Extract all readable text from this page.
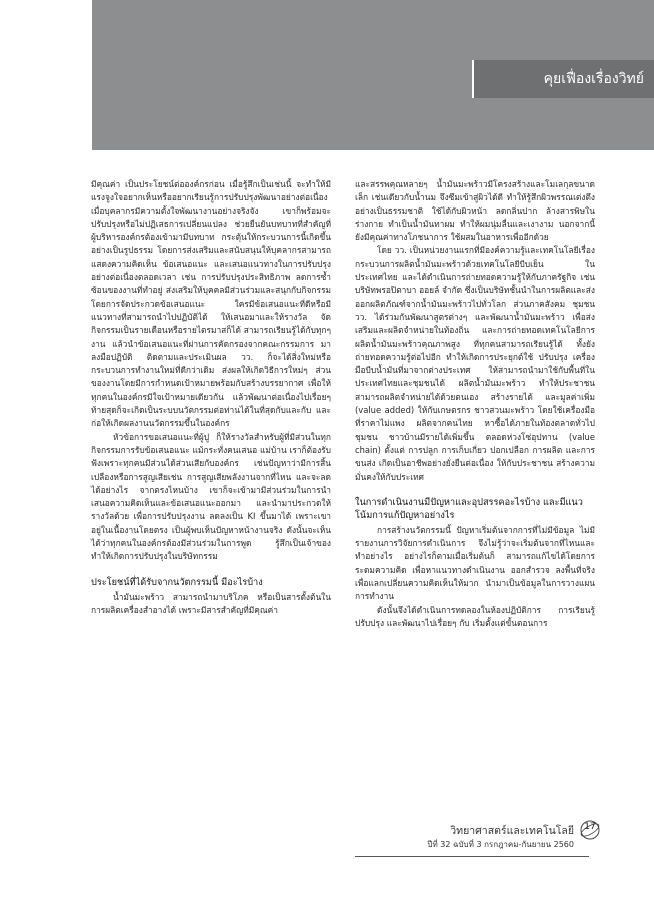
คุยเฟื่องเรื่องวิทย์

มีคุณค่า เป็นประโยชน์ต่อองค์กรก่อน เมื่อรู้สึกเป็นเช่นนี้ จะทำให้มีแรงจูงใจอยากเห็นหรืออยากเรียนรู้การปรับปรุงพัฒนาอย่างต่อเนื่อง เมื่อบุคลากรมีความตั้งใจพัฒนางานอย่างจริงจัง เขาก็พร้อมจะปรับปรุงหรือไม่ปฏิเสธการเปลี่ยนแปลง ช่วยยืนยันบทบาทที่สำคัญที่ผู้บริหารองค์กรต้องเข้ามามีบทบาท กระตุ้นให้กระบวนการนี้เกิดขึ้นอย่างเป็นรูปธรรม โดยการส่งเสริมและสนับสนุนให้บุคลากรสามารถแสดงความคิดเห็น ข้อเสนอแนะ และเสนอแนวทางในการปรับปรุงอย่างต่อเนื่องตลอดเวลา เช่น การปรับปรุงประสิทธิภาพ ลดการซ้ำซ้อนของงานที่ทำอยู่ ส่งเสริมให้บุคคลมีส่วนร่วมและสนุกกับกิจกรรม โดยการจัดประกวดข้อเสนอแนะ ใครมีข้อเสนอแนะที่ดีหรือมีแนวทางที่สามารถนำไปปฏิบัติได้ ให้เสนอมาและให้รางวัล จัดกิจกรรมเป็นรายเดือนหรือรายไตรมาสก็ได้ สามารถเรียนรู้ได้กับทุกๆ งาน แล้วนำข้อเสนอแนะที่ผ่านการคัดกรองจากคณะกรรมการ มาลงมือปฏิบัติ ติดตามและประเมินผล วว. ก็จะได้สิ่งใหม่หรือกระบวนการทำงานใหม่ที่ดีกว่าเดิม ส่งผลให้เกิดวิธีการใหม่ๆ ส่วนของงานโดยมีการกำหนดเป้าหมายพร้อมกับสร้างบรรยากาศ เพื่อให้ทุกคนในองค์กรมีใจเป้าหมายเดียวกัน แล้วพัฒนาต่อเนื่องไปเรื่อยๆ ท้ายสุดก็จะเกิดเป็นระบบนวัตกรรมต่อท่านได้ในที่สุดกับและกับ และก่อให้เกิดผลงานนวัตกรรมขึ้นในองค์กร

หัวข้อการขอเสนอแนะที่ผู้ปู ก็ให้รางวัลสำหรับผู้ที่มีส่วนในทุกกิจกรรมการรับข้อเสนอแนะ แม้กระทั่งคนเสนอ แม่บ้าน เราก็ต้องรับฟังเพราะทุกคนมีส่วนได้ส่วนเสียกับองค์กร เช่นปัญหาว่ามีการสิ้นเปลืองหรือการสูญเสียเช่น การสูญเสียพลังงานจากที่ไหน และจะลดได้อย่างไร จากตรงไหนบ้าง เขาก็จะเข้ามามีส่วนร่วมในการนำเสนอความคิดเห็นและข้อเสนอแนะออกมา และนำมาประกวดให้รางวัลด้วย เพื่อการปรับปรุงงาน ลดลงเป็น KI ขึ้นมาได้ เพราะเขาอยู่ในเนื้องานโดยตรง เป็นผู้พบเห็นปัญหาหน้างานจริง ดังนั้นจะเห็นได้ว่าทุกคนในองค์กรต้องมีส่วนร่วมในการพูด รู้สึกเป็นเจ้าของ ทำให้เกิดการปรับปรุงในบริษัทกรรม

ประโยชน์ที่ได้รับจากนวัตกรรมนี้ มีอะไรบ้าง

น้ำมันมะพร้าว สามารถนำมาบริโภค หรือเป็นสารตั้งต้นในการผลิตเครื่องสำอางได้ เพราะมีสารสำคัญที่มีคุณค่า

และสรรพคุณหลายๆ น้ำมันมะพร้าวมีโครงสร้างและโมเลกุลขนาดเล็ก เช่นเดียวกับน้ำนม จึงซึมเข้าสู่ผิวได้ดี ทำให้รู้สึกผิวพรรณเต่งตึงอย่างเป็นธรรมชาติ ใช้ได้กับผิวหน้า ลดกลิ่นปาก ล้างสารพิษในร่างกาย ทำเป็นน้ำมันทาผม ทำให้ผมนุ่มลื่นและเงางาม นอกจากนี้ยังมีคุณค่าทางโภชนาการ ใช้ผสมในอาหารเพื่ออีกด้วย

โดย วว. เป็นหน่วยงานแรกที่มีองค์ความรู้และเทคโนโลยีเรื่อง กระบวนการผลิตน้ำมันมะพร้าวด้วยเทคโนโลยีบีบเย็น ในประเทศไทย และได้ดำเนินการถ่ายทอดความรู้ให้กับภาครัฐกิจ เช่น บริษัทพรอปิตาบา ออยล์ จำกัด ซึ่งเป็นบริษัทชั้นนำในการผลิตและส่งออกผลิตภัณฑ์จากน้ำมันมะพร้าวไปทั่วโลก ส่วนภาคสังคม ชุมชน วว. ได้ร่วมกันพัฒนาสูตรต่างๆ และพัฒนาน้ำมันมะพร้าว เพื่อส่งเสริมและผลิตจำหน่ายในท้องถิ่น และการถ่ายทอดเทคโนโลยีการผลิตน้ำมันมะพร้าวคุณภาพสูง ที่ทุกคนสามารถเรียนรู้ได้ ทั้งยังถ่ายทอดความรู้ต่อไปอีก ทำให้เกิดการประยุกต์ใช้ ปรับปรุง เครื่องมือบีบน้ำมันที่มาจากต่างประเทศ ให้สามารถนำมาใช้กับพื้นที่ในประเทศไทยและชุมชนได้ ผลิตน้ำมันมะพร้าว ทำให้ประชาชนสามารถผลิตจำหน่ายได้ด้วยตนเอง สร้างรายได้ และมูลค่าเพิ่ม (value added) ให้กับเกษตรกร ชาวสวนมะพร้าว โดยใช้เครื่องมือที่ราคาไม่แพง ผลิตจากคนไทย หาซื้อได้ภายในท้องตลาดทั่วไป ชุมชน ชาวบ้านมีรายได้เพิ่มขึ้น ตลอดห่วงโซ่อุปทาน (value chain) ตั้งแต่ การปลูก การเก็บเกี่ยว ปอกเปลือก การผลิต และการขนส่ง เกิดเป็นอาชีพอย่างยั่งยืนต่อเนื่อง ให้กับประชาชน สร้างความมั่นคงให้กับประเทศ

ในการดำเนินงานมีปัญหาและอุปสรรคอะไรบ้าง และมีแนวโน้มการแก้ปัญหาอย่างไร

การสร้างนวัตกรรมนี้ ปัญหาเริ่มต้นจากการที่ไม่มีข้อมูล ไม่มีรายงานการวิจัยการดำเนินการ จึงไม่รู้ว่าจะเริ่มต้นจากที่ไหนและทำอย่างไร อย่างไรก็ตามเมื่อเริ่มต้นก็ สามารถแก้ไขได้โดยการระดมความคิด เพื่อหาแนวทางดำเนินงาน ออกสำรวจ ลงพื้นที่จริง เพื่อแลกเปลี่ยนความคิดเห็นให้มาก นำมาเป็นข้อมูลในการวางแผนการทำงาน

ดังนั้นจึงได้ดำเนินการทดลองในห้องปฏิบัติการ การเรียนรู้ ปรับปรุง และพัฒนาไปเรื่อยๆ กับ เริ่มตั้งแต่ขั้นตอนการ

วิทยาศาสตร์และเทคโนโลยี
ปีที่ 32 ฉบับที่ 3 กรกฎาคม-กันยายน 2560
17
